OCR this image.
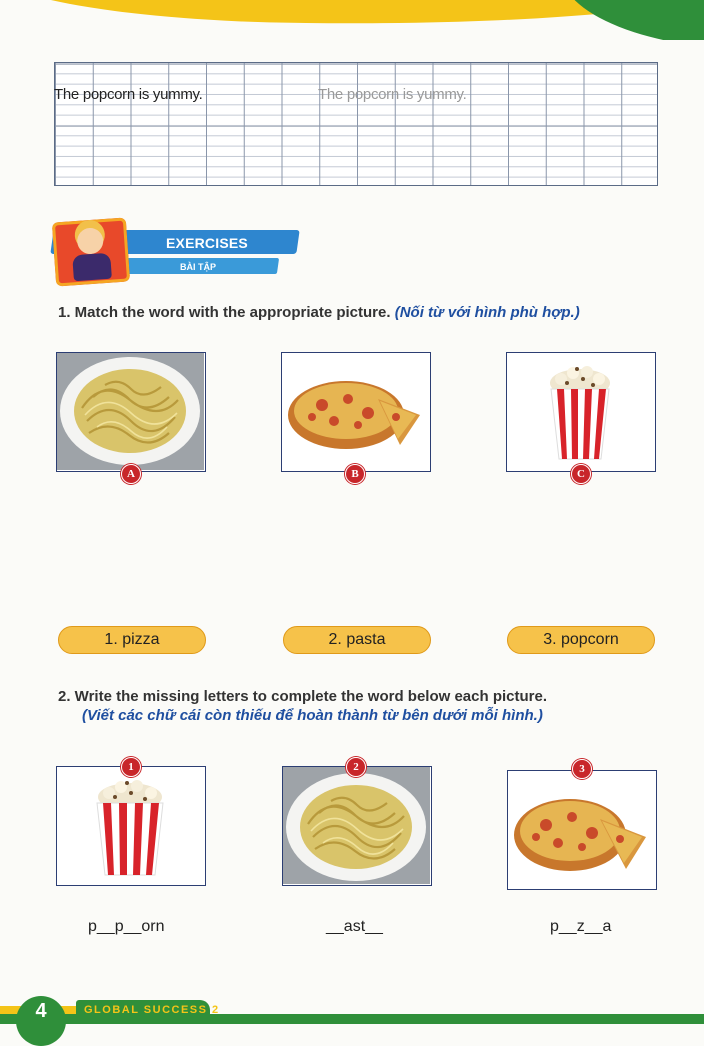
The popcorn is yummy.	The popcorn is yummy.
EXERCISES
BÀI TẬP
1. Match the word with the appropriate picture. (Nối từ với hình phù hợp.)
A	B	C
1. pizza	2. pasta	3. popcorn
2. Write the missing letters to complete the word below each picture.
(Viết các chữ cái còn thiếu để hoàn thành từ bên dưới mỗi hình.)
1	2	3
p__p__orn	__ast__	p__z__a
GLOBAL SUCCESS 2
4
